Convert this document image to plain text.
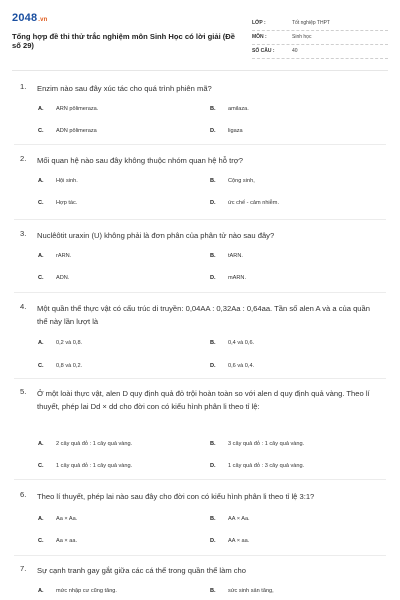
2048.vn
Tổng hợp đề thi thử trắc nghiệm môn Sinh Học có lời giải (Đề số 29)
LỚP :	Tốt nghiệp THPT
MÔN :	Sinh học
SỐ CÂU :	40
1. Enzim nào sau đây xúc tác cho quá trình phiên mã?
A. ARN pôlimeraza.	B. amilaza.
C. ADN pôlimeraza	D. ligaza
2. Mối quan hệ nào sau đây không thuộc nhóm quan hệ hỗ trợ?
A. Hội sinh.	B. Cộng sinh,
C. Hợp tác.	D. ức chế - cảm nhiễm.
3. Nuclêôtit uraxin (U) không phải là đơn phân của phân tử nào sau đây?
A. rARN.	B. tARN.
C. ADN.	D. mARN.
4. Một quần thể thực vật có cấu trúc di truyền: 0,04AA : 0,32Aa : 0,64aa. Tần số alen A và a của quần thể này lần lượt là
A. 0,2 và 0,8.	B. 0,4 và 0,6.
C. 0,8 và 0,2.	D. 0,6 và 0,4.
5. Ở một loài thực vật, alen D quy định quả đỏ trội hoàn toàn so với alen d quy định quả vàng. Theo lí thuyết, phép lai Dd × dd cho đời con có kiểu hình phân li theo tỉ lệ:
A. 2 cây quả đỏ : 1 cây quả vàng.	B. 3 cây quả đỏ : 1 cây quả vàng.
C. 1 cây quả đỏ : 1 cây quả vàng.	D. 1 cây quả đỏ : 3 cây quả vàng.
6. Theo lí thuyết, phép lai nào sau đây cho đời con có kiểu hình phân li theo tỉ lệ 3:1?
A. Aa × Aa.	B. AA × Aa.
C. Aa × aa.	D. AA × aa.
7. Sự cạnh tranh gay gắt giữa các cá thể trong quần thể làm cho
A. mức nhập cư cũng tăng.	B. sức sinh sản tăng,
